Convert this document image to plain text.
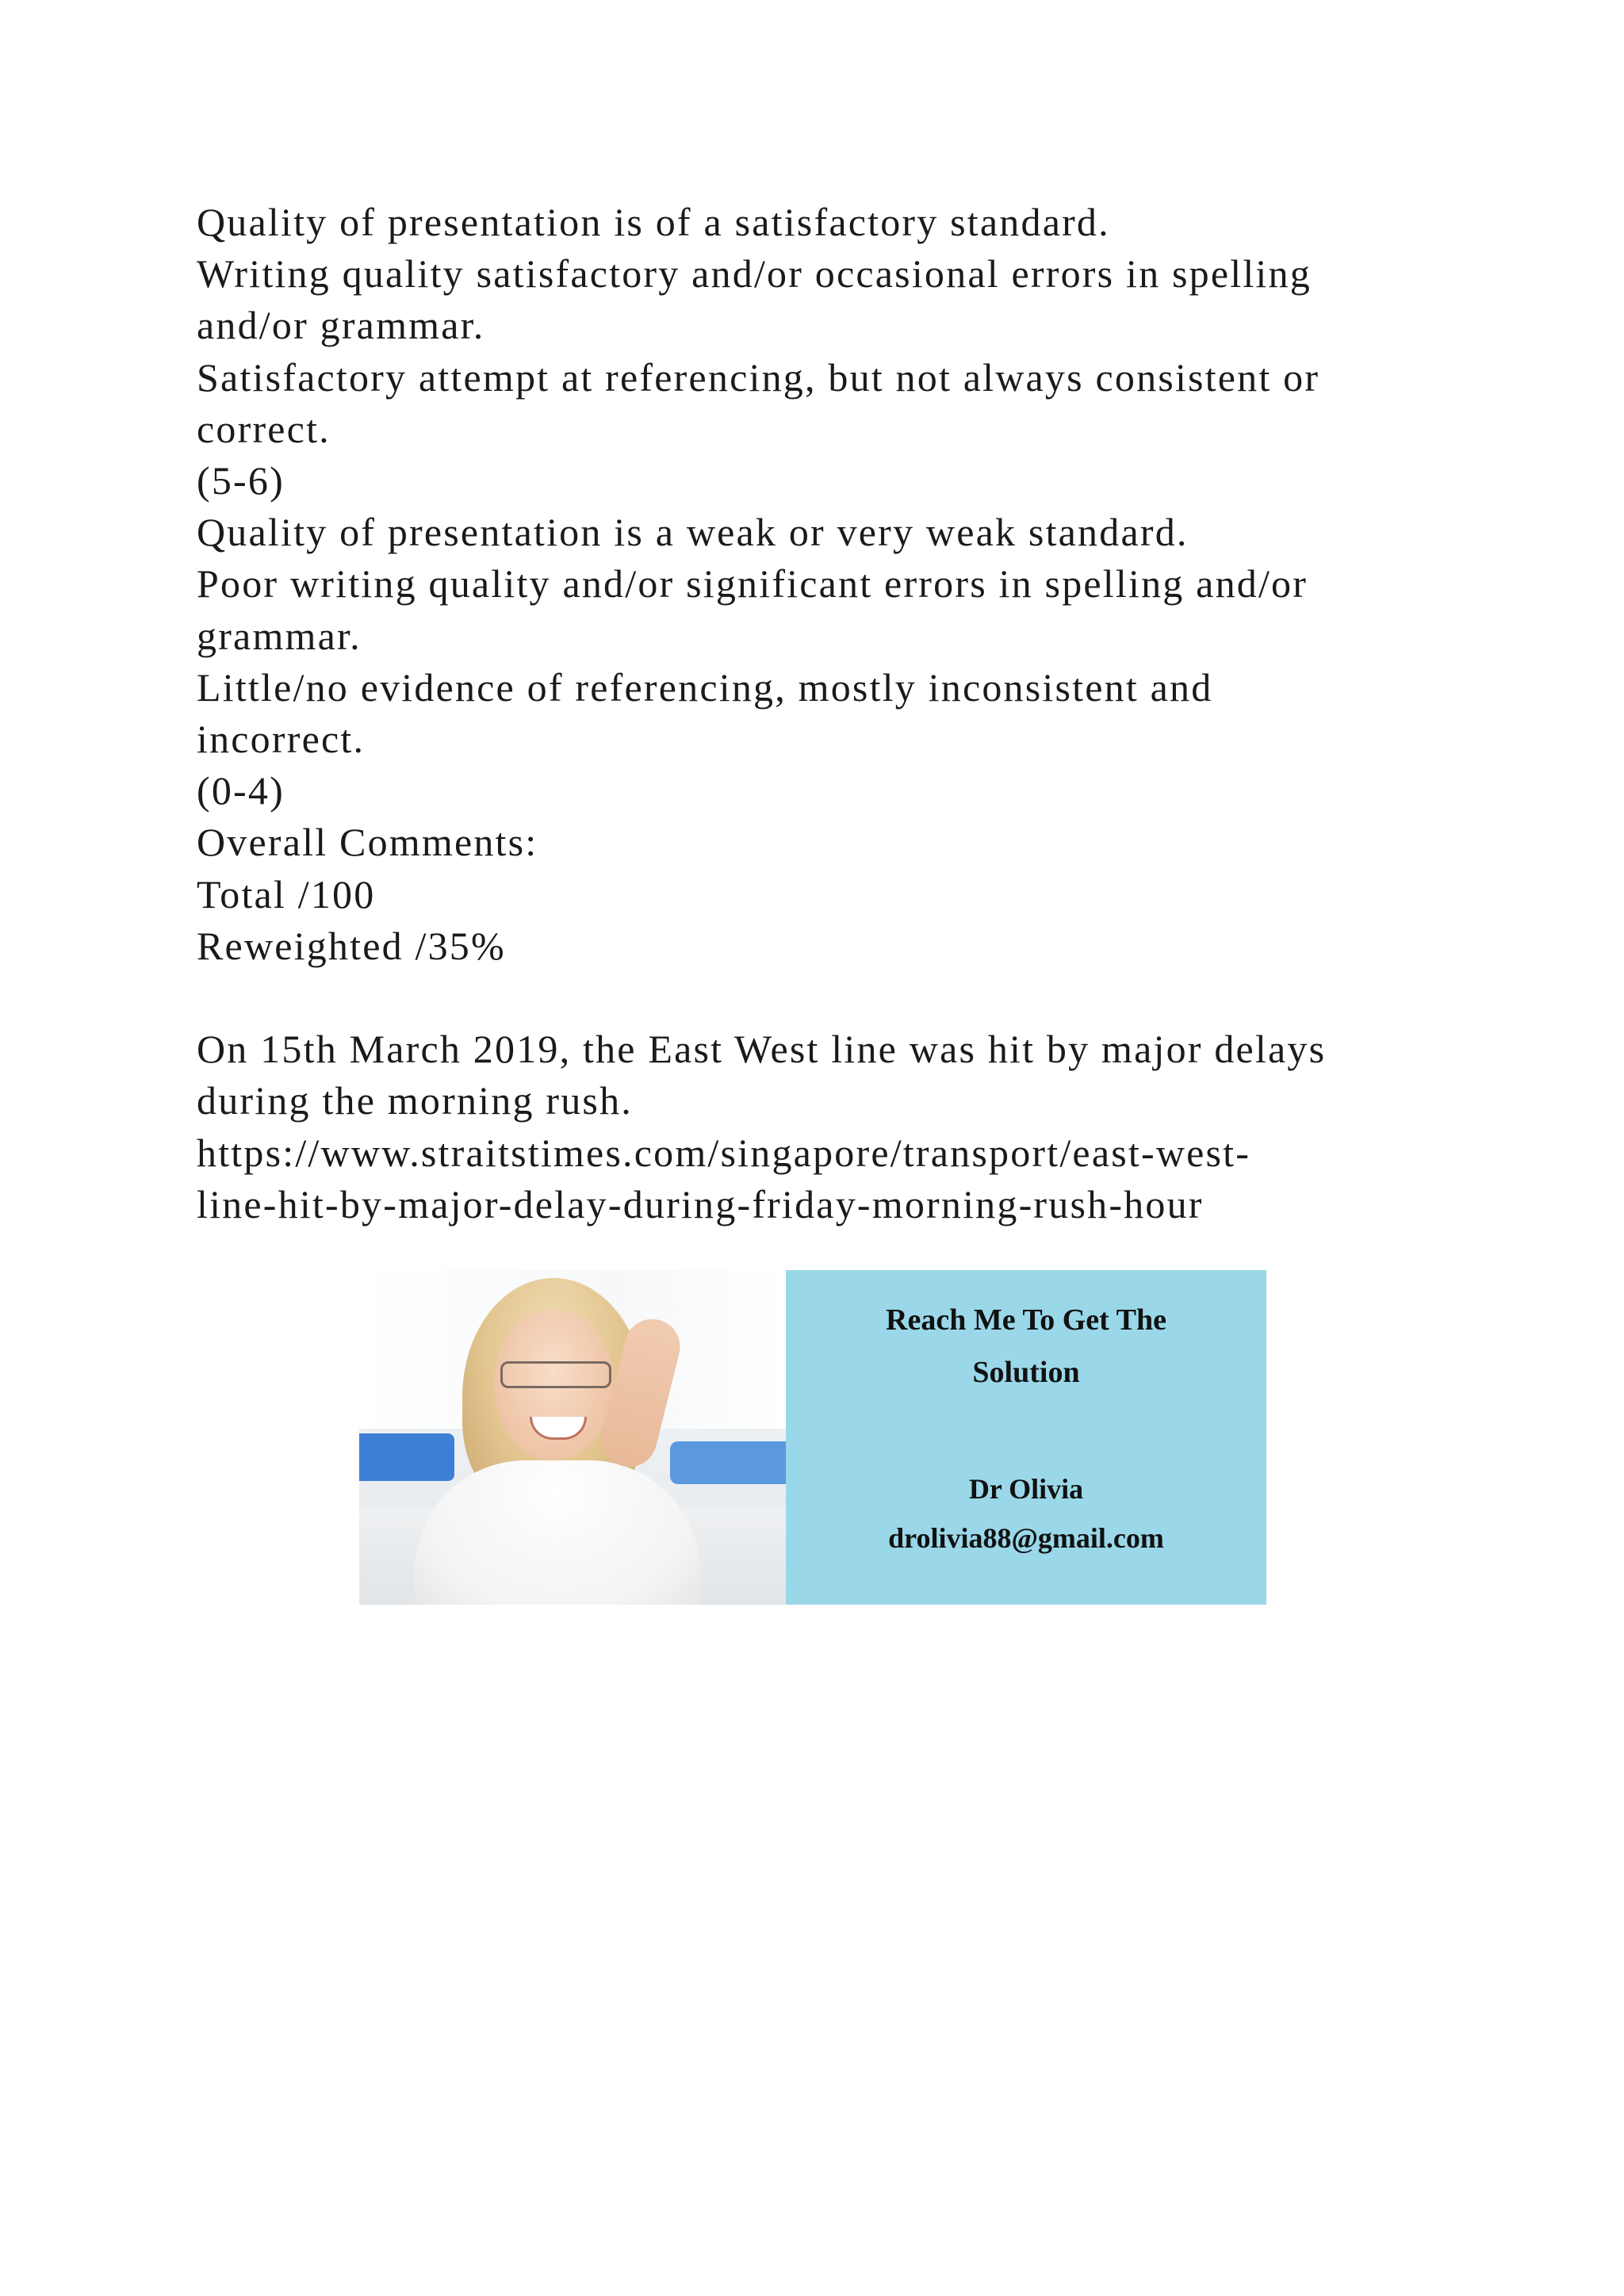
Quality of presentation is of a satisfactory standard.
Writing quality satisfactory and/or occasional errors in spelling
and/or grammar.
Satisfactory attempt at referencing, but not always consistent or
correct.
(5-6)
Quality of presentation is a weak or very weak standard.
Poor writing quality and/or significant errors in spelling and/or
grammar.
Little/no evidence of referencing, mostly inconsistent and
incorrect.
(0-4)
Overall Comments:
Total /100
Reweighted /35%
On 15th March 2019, the East West line was hit by major delays
during the morning rush.
https://www.straitstimes.com/singapore/transport/east-west-
line-hit-by-major-delay-during-friday-morning-rush-hour
Reach Me To Get The
Solution
Dr Olivia
drolivia88@gmail.com
